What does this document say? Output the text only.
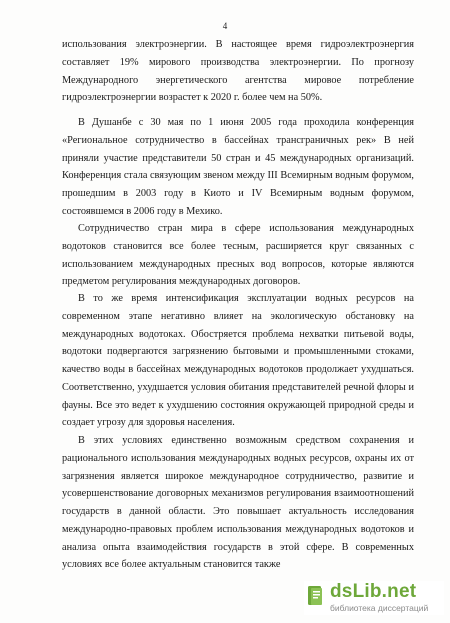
4

использования электроэнергии. В настоящее время гидроэлектроэнергия составляет 19% мирового производства электроэнергии. По прогнозу Международного энергетического агентства мировое потребление гидроэлектроэнергии возрастет к 2020 г. более чем на 50%.

В Душанбе с 30 мая по 1 июня 2005 года проходила конференция «Региональное сотрудничество в бассейнах трансграничных рек» В ней приняли участие представители 50 стран и 45 международных организаций. Конференция стала связующим звеном между III Всемирным водным форумом, прошедшим в 2003 году в Киото и IV Всемирным водным форумом, состоявшемся в 2006 году в Мехико.

Сотрудничество стран мира в сфере использования международных водотоков становится все более тесным, расширяется круг связанных с использованием международных пресных вод вопросов, которые являются предметом регулирования международных договоров.

В то же время интенсификация эксплуатации водных ресурсов на современном этапе негативно влияет на экологическую обстановку на международных водотоках. Обостряется проблема нехватки питьевой воды, водотоки подвергаются загрязнению бытовыми и промышленными стоками, качество воды в бассейнах международных водотоков продолжает ухудшаться. Соответственно, ухудшается условия обитания представителей речной флоры и фауны. Все это ведет к ухудшению состояния окружающей природной среды и создает угрозу для здоровья населения.

В этих условиях единственно возможным средством сохранения и рационального использования международных водных ресурсов, охраны их от загрязнения является широкое международное сотрудничество, развитие и усовершенствование договорных механизмов регулирования взаимоотношений государств в данной области. Это повышает актуальность исследования международно-правовых проблем использования международных водотоков и анализа опыта взаимодействия государств в этой сфере. В современных условиях все более актуальным становится также

dsLib.net
библиотека диссертаций
